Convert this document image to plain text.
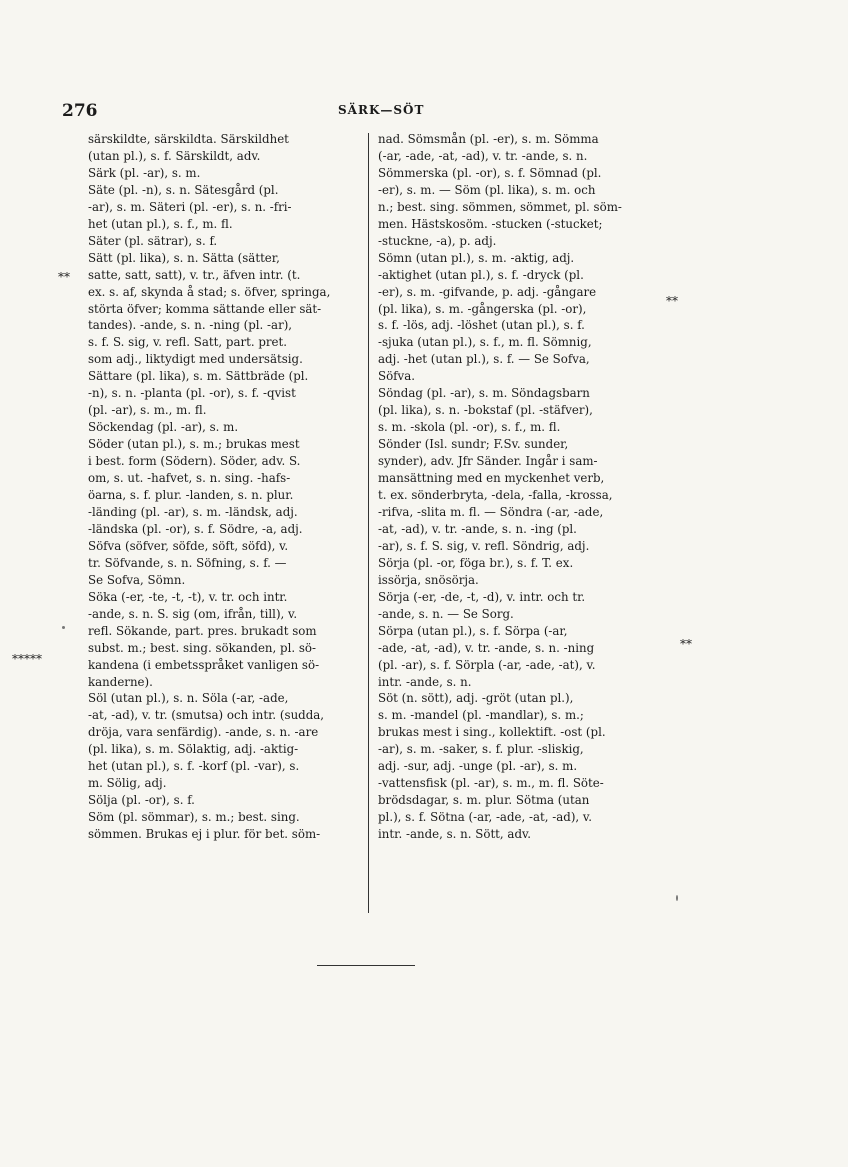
276	SÄRK—SÖT
särskildte, särskildta. Särskildhet
(utan pl.), s. f. Särskildt, adv.
Särk (pl. -ar), s. m.
Säte (pl. -n), s. n. Sätesgård (pl.
-ar), s. m. Säteri (pl. -er), s. n. -fri-
het (utan pl.), s. f., m. fl.
Säter (pl. sätrar), s. f.
Sätt (pl. lika), s. n. Sätta (sätter,
satte, satt, satt), v. tr., äfven intr. (t.
ex. s. af, skynda å stad; s. öfver, springa,
störta öfver; komma sättande eller sät-
tandes). -ande, s. n. -ning (pl. -ar),
s. f. S. sig, v. refl. Satt, part. pret.
som adj., liktydigt med undersätsig.
Sättare (pl. lika), s. m. Sättbräde (pl.
-n), s. n. -planta (pl. -or), s. f. -qvist
(pl. -ar), s. m., m. fl.
Söckendag (pl. -ar), s. m.
Söder (utan pl.), s. m.; brukas mest
i best. form (Södern). Söder, adv. S.
om, s. ut. -hafvet, s. n. sing. -hafs-
öarna, s. f. plur. -landen, s. n. plur.
-länding (pl. -ar), s. m. -ländsk, adj.
-ländska (pl. -or), s. f. Södre, -a, adj.
Söfva (söfver, söfde, söft, söfd), v.
tr. Söfvande, s. n. Söfning, s. f. —
Se Sofva, Sömn.
Söka (-er, -te, -t, -t), v. tr. och intr.
-ande, s. n. S. sig (om, ifrån, till), v.
refl. Sökande, part. pres. brukadt som
subst. m.; best. sing. sökanden, pl. sö-
kandena (i embetsspråket vanligen sö-
kanderne).
Söl (utan pl.), s. n. Söla (-ar, -ade,
-at, -ad), v. tr. (smutsa) och intr. (sudda,
dröja, vara senfärdig). -ande, s. n. -are
(pl. lika), s. m. Sölaktig, adj. -aktig-
het (utan pl.), s. f. -korf (pl. -var), s.
m. Sölig, adj.
Sölja (pl. -or), s. f.
Söm (pl. sömmar), s. m.; best. sing.
sömmen. Brukas ej i plur. för bet. söm-
nad. Sömsmån (pl. -er), s. m. Sömma
(-ar, -ade, -at, -ad), v. tr. -ande, s. n.
Sömmerska (pl. -or), s. f. Sömnad (pl.
-er), s. m. — Söm (pl. lika), s. m. och
n.; best. sing. sömmen, sömmet, pl. söm-
men. Hästskosöm. -stucken (-stucket;
-stuckne, -a), p. adj.
Sömn (utan pl.), s. m. -aktig, adj.
-aktighet (utan pl.), s. f. -dryck (pl.
-er), s. m. -gifvande, p. adj. -gångare
(pl. lika), s. m. -gångerska (pl. -or),
s. f. -lös, adj. -löshet (utan pl.), s. f.
-sjuka (utan pl.), s. f., m. fl. Sömnig,
adj. -het (utan pl.), s. f. — Se Sofva,
Söfva.
Söndag (pl. -ar), s. m. Söndagsbarn
(pl. lika), s. n. -bokstaf (pl. -stäfver),
s. m. -skola (pl. -or), s. f., m. fl.
Sönder (Isl. sundr; F.Sv. sunder,
synder), adv. Jfr Sänder. Ingår i sam-
mansättning med en myckenhet verb,
t. ex. sönderbryta, -dela, -falla, -krossa,
-rifva, -slita m. fl. — Söndra (-ar, -ade,
-at, -ad), v. tr. -ande, s. n. -ing (pl.
-ar), s. f. S. sig, v. refl. Söndrig, adj.
Sörja (pl. -or, föga br.), s. f. T. ex.
issörja, snösörja.
Sörja (-er, -de, -t, -d), v. intr. och tr.
-ande, s. n. — Se Sorg.
Sörpa (utan pl.), s. f. Sörpa (-ar,
-ade, -at, -ad), v. tr. -ande, s. n. -ning
(pl. -ar), s. f. Sörpla (-ar, -ade, -at), v.
intr. -ande, s. n.
Söt (n. sött), adj. -gröt (utan pl.),
s. m. -mandel (pl. -mandlar), s. m.;
brukas mest i sing., kollektift. -ost (pl.
-ar), s. m. -saker, s. f. plur. -sliskig,
adj. -sur, adj. -unge (pl. -ar), s. m.
-vattensfisk (pl. -ar), s. m., m. fl. Söte-
brödsdagar, s. m. plur. Sötma (utan
pl.), s. f. Sötna (-ar, -ade, -at, -ad), v.
intr. -ande, s. n. Sött, adv.
⁎⁎
⁎⁎⁎⁎⁎
⁎⁎
⁎⁎
